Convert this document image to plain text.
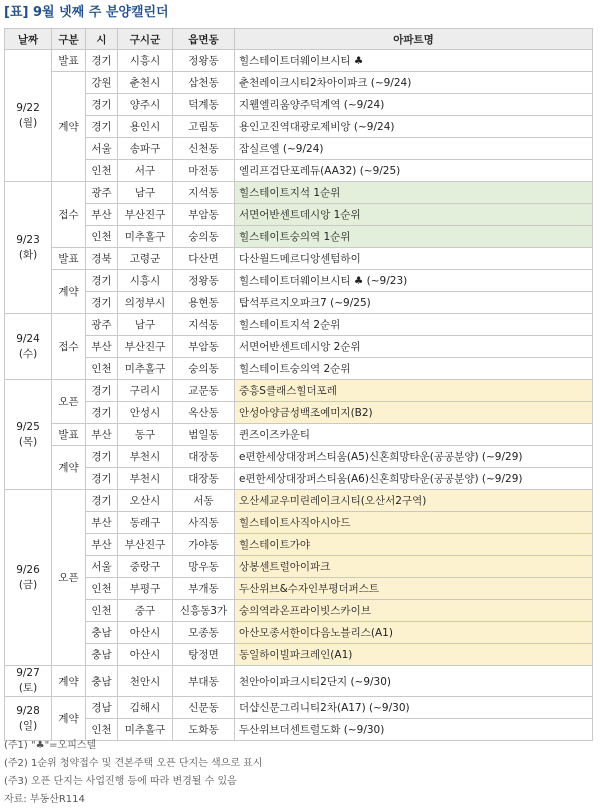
[표] 9월 넷째 주 분양캘린더
날짜	구분	시	구시군	읍면동	아파트명
9/22
(월)	발표	경기	시흥시	정왕동	힐스테이트더웨이브시티 ♣
	계약	강원	춘천시	삼천동	춘천레이크시티2차아이파크 (~9/24)
		경기	양주시	덕계동	지웰엘리움양주덕계역 (~9/24)
		경기	용인시	고림동	용인고진역대광로제비앙 (~9/24)
		서울	송파구	신천동	잠실르엘 (~9/24)
		인천	서구	마전동	엘리프검단포레듀(AA32) (~9/25)
9/23
(화)	접수	광주	남구	지석동	힐스테이트지석 1순위
		부산	부산진구	부암동	서면어반센트데시앙 1순위
		인천	미추홀구	숭의동	힐스테이트숭의역 1순위
	발표	경북	고령군	다산면	다산월드메르디앙센텀하이
	계약	경기	시흥시	정왕동	힐스테이트더웨이브시티 ♣ (~9/23)
		경기	의정부시	용현동	탑석푸르지오파크7 (~9/25)
9/24
(수)	접수	광주	남구	지석동	힐스테이트지석 2순위
		부산	부산진구	부암동	서면어반센트데시앙 2순위
		인천	미추홀구	숭의동	힐스테이트숭의역 2순위
9/25
(목)	오픈	경기	구리시	교문동	중흥S클래스힐더포레
		경기	안성시	옥산동	안성아양금성백조예미지(B2)
	발표	부산	동구	범일동	퀸즈이즈카운티
	계약	경기	부천시	대장동	e편한세상대장퍼스티움(A5)신혼희망타운(공공분양) (~9/29)
		경기	부천시	대장동	e편한세상대장퍼스티움(A6)신혼희망타운(공공분양) (~9/29)
9/26
(금)	오픈	경기	오산시	서동	오산세교우미린레이크시티(오산서2구역)
		부산	동래구	사직동	힐스테이트사직아시아드
		부산	부산진구	가야동	힐스테이트가야
		서울	중랑구	망우동	상봉센트럴아이파크
		인천	부평구	부개동	두산위브&수자인부평더퍼스트
		인천	중구	신흥동3가	숭의역라온프라이빗스카이브
		충남	아산시	모종동	아산모종서한이다음노블리스(A1)
		충남	아산시	탕정면	동일하이빌파크레인(A1)
9/27
(토)	계약	충남	천안시	부대동	천안아이파크시티2단지 (~9/30)
9/28
(일)	계약	경남	김해시	신문동	더샵신문그리니티2차(A17) (~9/30)
		인천	미추홀구	도화동	두산위브더센트럴도화 (~9/30)
(주1) "♣"=오피스텔
(주2) 1순위 청약접수 및 견본주택 오픈 단지는 색으로 표시
(주3) 오픈 단지는 사업진행 등에 따라 변경될 수 있음
자료: 부동산R114
